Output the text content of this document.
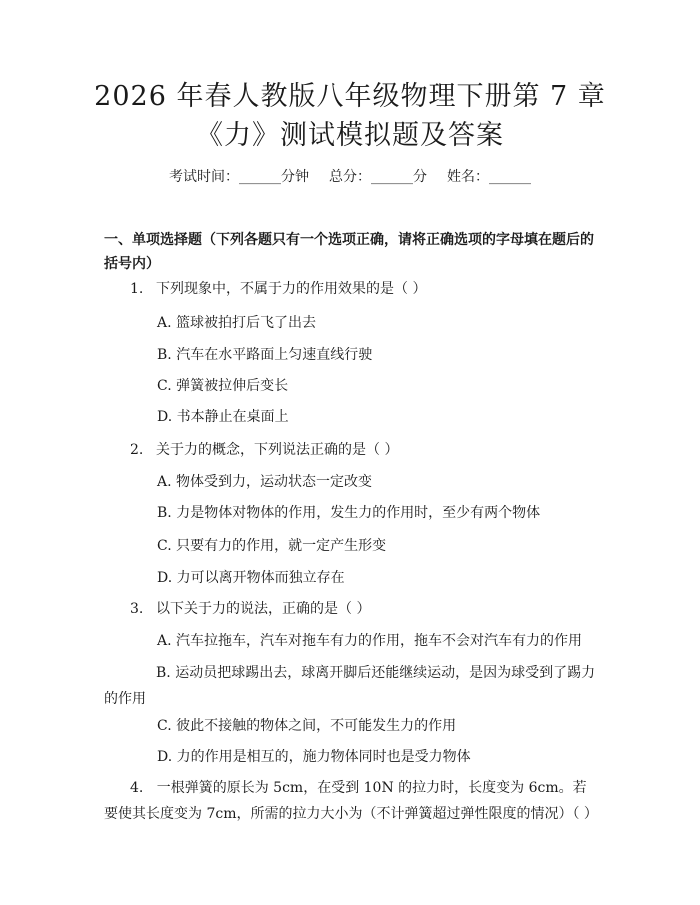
2026 年春人教版八年级物理下册第 7 章
《力》测试模拟题及答案
考试时间：______分钟 总分：______分 姓名：______
一、单项选择题（下列各题只有一个选项正确，请将正确选项的字母填在题后的括号内）
1. 下列现象中，不属于力的作用效果的是（ ）
A. 篮球被拍打后飞了出去
B. 汽车在水平路面上匀速直线行驶
C. 弹簧被拉伸后变长
D. 书本静止在桌面上
2. 关于力的概念，下列说法正确的是（ ）
A. 物体受到力，运动状态一定改变
B. 力是物体对物体的作用，发生力的作用时，至少有两个物体
C. 只要有力的作用，就一定产生形变
D. 力可以离开物体而独立存在
3. 以下关于力的说法，正确的是（ ）
A. 汽车拉拖车，汽车对拖车有力的作用，拖车不会对汽车有力的作用
B. 运动员把球踢出去，球离开脚后还能继续运动，是因为球受到了踢力的作用
C. 彼此不接触的物体之间，不可能发生力的作用
D. 力的作用是相互的，施力物体同时也是受力物体
4. 一根弹簧的原长为 5cm，在受到 10N 的拉力时，长度变为 6cm。若要使其长度变为 7cm，所需的拉力大小为（不计弹簧超过弹性限度的情况）（ ）
